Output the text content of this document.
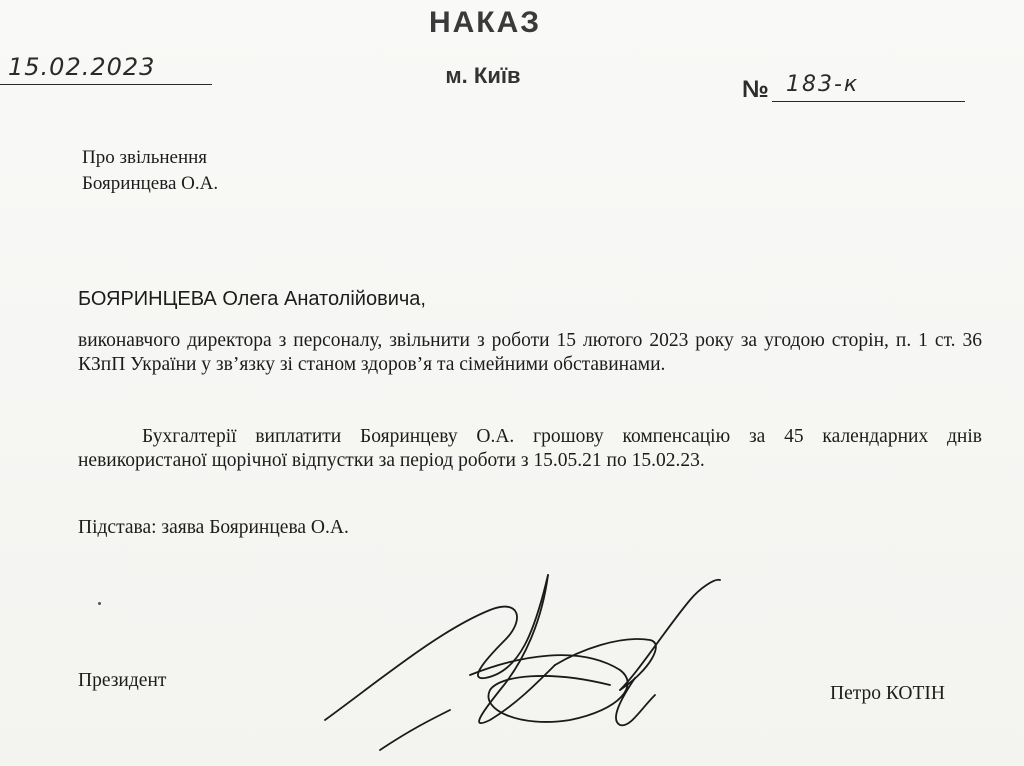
НАКАЗ
м. Київ
15.02.2023
№ 183-к
Про звільнення
Бояринцева О.А.
БОЯРИНЦЕВА Олега Анатолійовича,
виконавчого директора з персоналу, звільнити з роботи 15 лютого 2023 року за угодою сторін, п. 1 ст. 36 КЗпП України у зв’язку зі станом здоров’я та сімейними обставинами.
Бухгалтерії виплатити Бояринцеву О.А. грошову компенсацію за 45 календарних днів невикористаної щорічної відпустки за період роботи з 15.05.21 по 15.02.23.
Підстава: заява Бояринцева О.А.
Президент
Петро КОТІН
